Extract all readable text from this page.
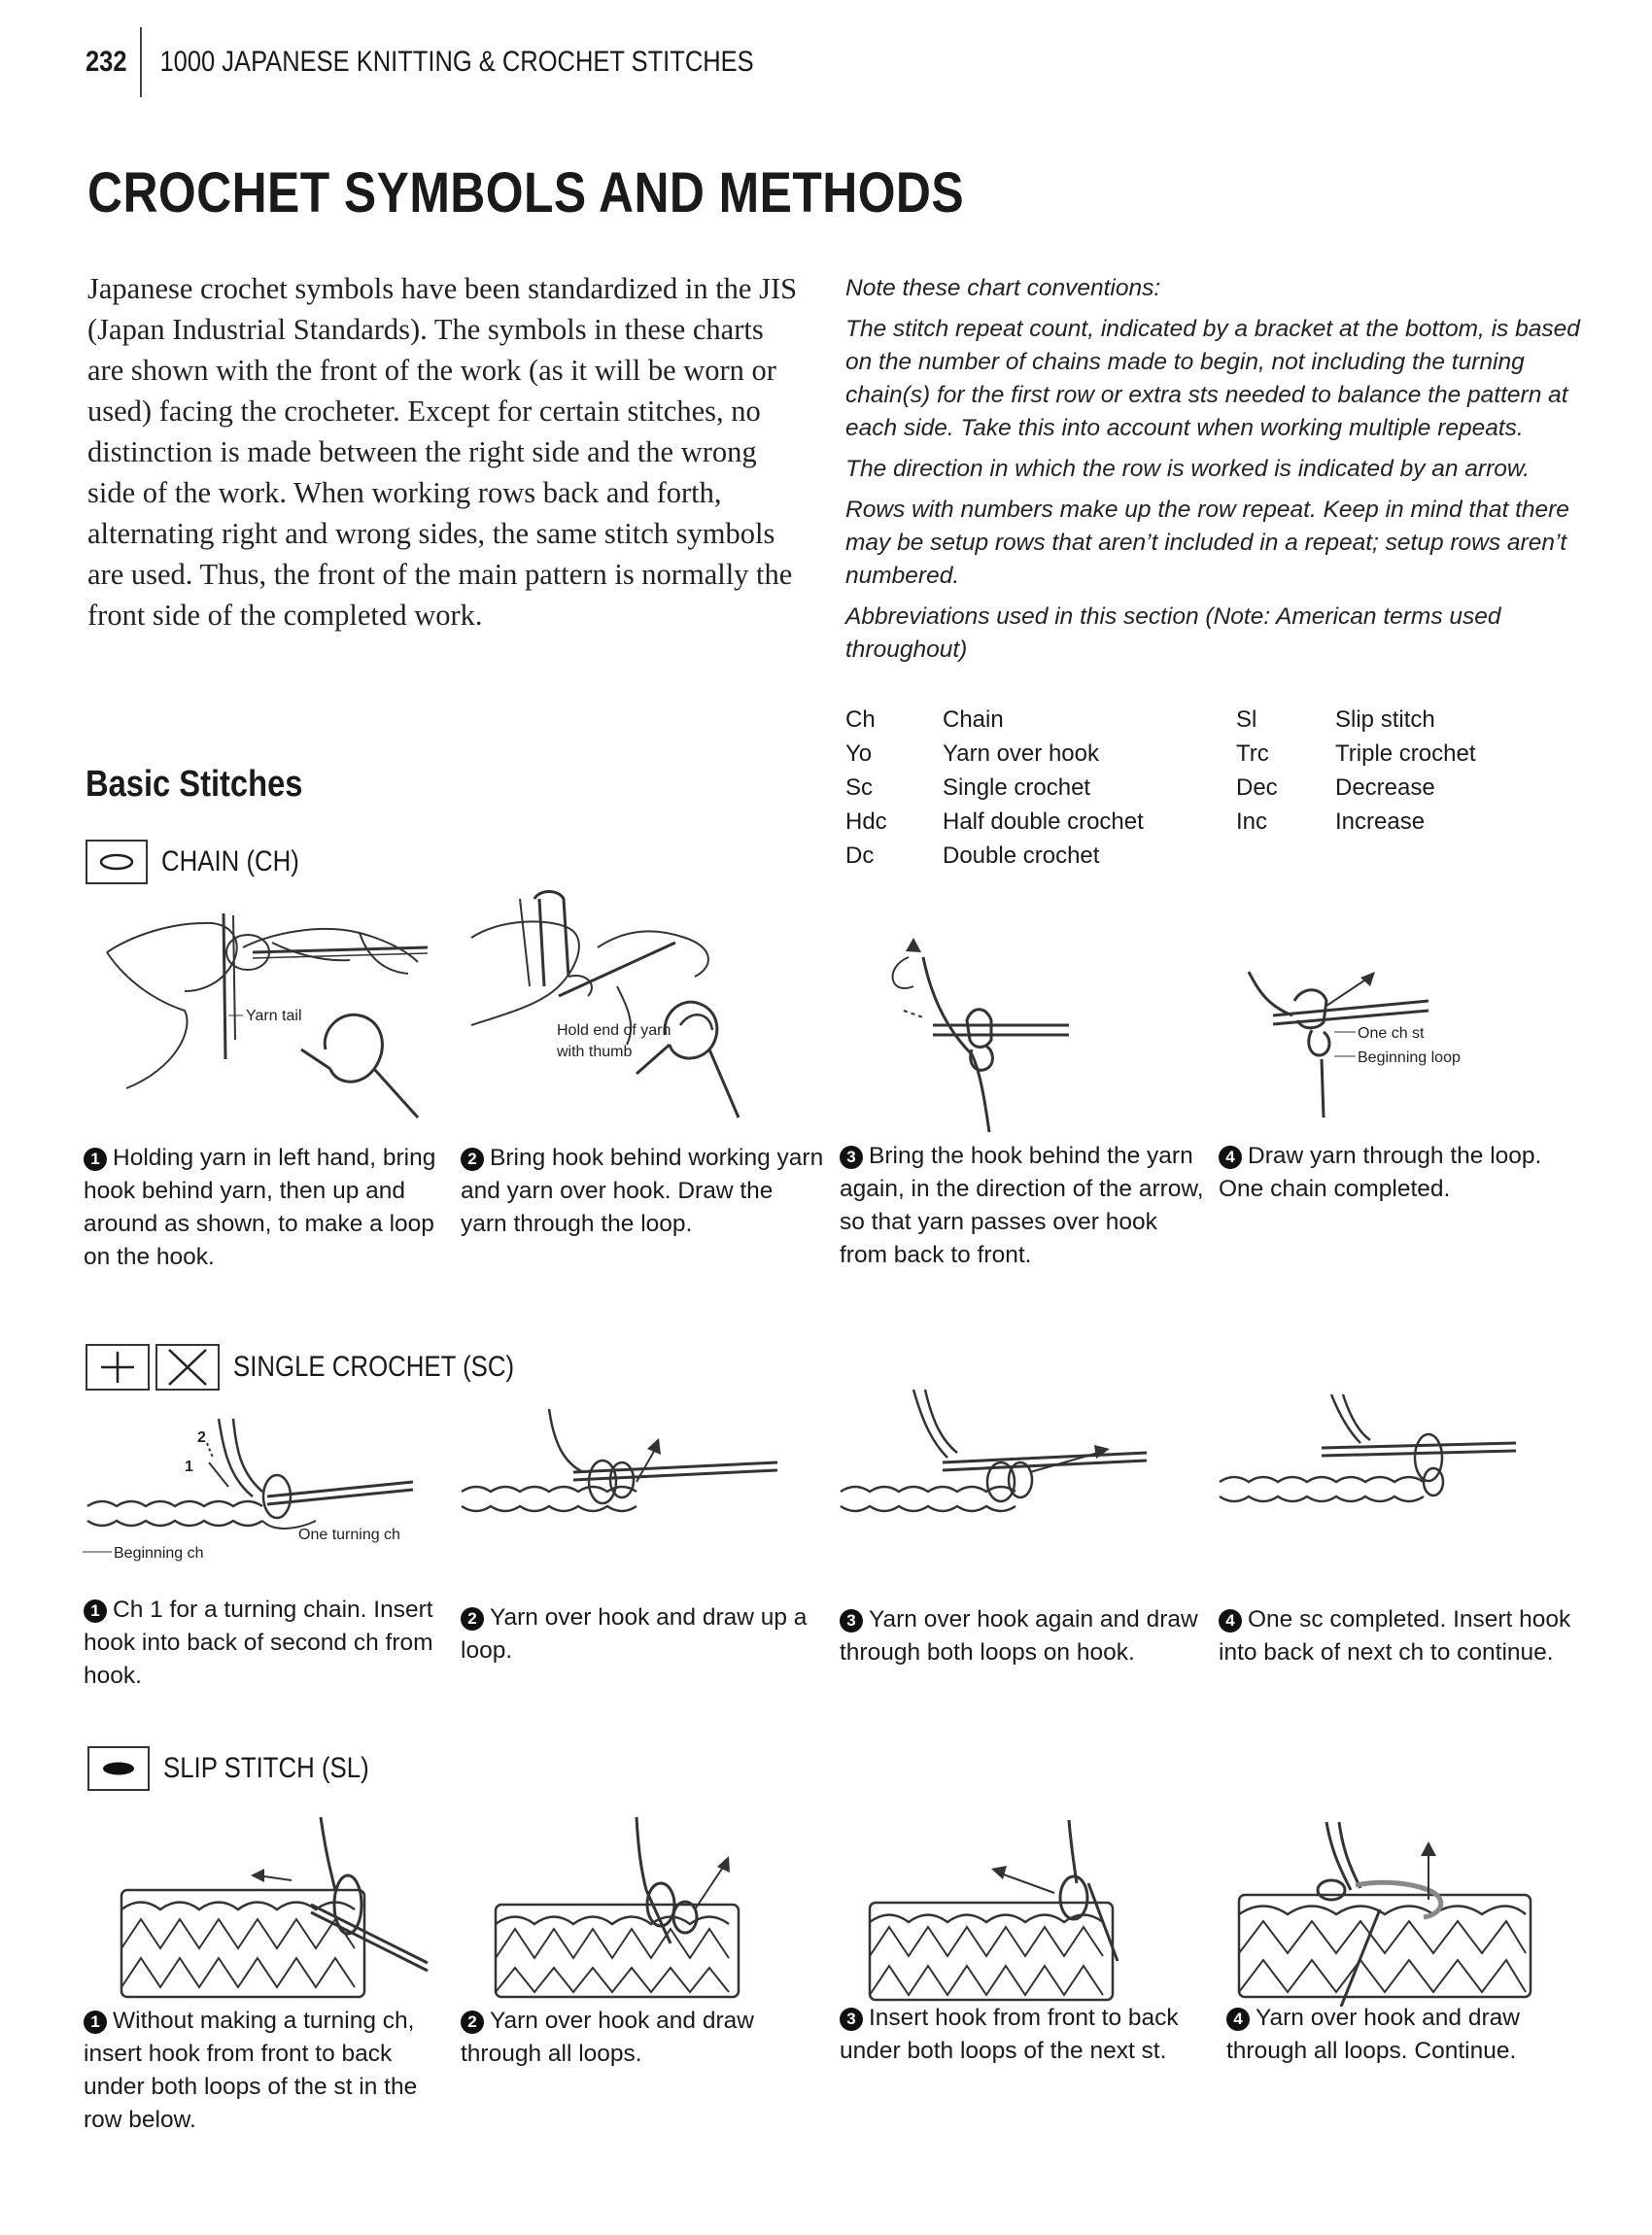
232	1000 JAPANESE KNITTING & CROCHET STITCHES
CROCHET SYMBOLS AND METHODS

Japanese crochet symbols have been standardized in the JIS (Japan Industrial Standards). The symbols in these charts are shown with the front of the work (as it will be worn or used) facing the crocheter. Except for certain stitches, no distinction is made between the right side and the wrong side of the work. When working rows back and forth, alternating right and wrong sides, the same stitch symbols are used. Thus, the front of the main pattern is normally the front side of the completed work.

Note these chart conventions:

The stitch repeat count, indicated by a bracket at the bottom, is based on the number of chains made to begin, not including the turning chain(s) for the first row or extra sts needed to balance the pattern at each side. Take this into account when working multiple repeats.

The direction in which the row is worked is indicated by an arrow.

Rows with numbers make up the row repeat. Keep in mind that there may be setup rows that aren’t included in a repeat; setup rows aren’t numbered.

Abbreviations used in this section (Note: American terms used throughout)

Ch	Chain	Sl	Slip stitch
Yo	Yarn over hook	Trc	Triple crochet
Sc	Single crochet	Dec Decrease
Hdc Half double crochet	Inc	Increase
Dc	Double crochet
Basic Stitches
CHAIN (CH)
Yarn tail
Hold end of yarn
with thumb
One ch st
Beginning loop
1 Holding yarn in left hand, bring hook behind yarn, then up and around as shown, to make a loop on the hook.
2 Bring hook behind working yarn and yarn over hook. Draw the yarn through the loop.
3 Bring the hook behind the yarn again, in the direction of the arrow, so that yarn passes over hook from back to front.
4 Draw yarn through the loop. One chain completed.
SINGLE CROCHET (SC)
2
1
One turning ch
Beginning ch
1 Ch 1 for a turning chain. Insert hook into back of second ch from hook.
2 Yarn over hook and draw up a loop.
3 Yarn over hook again and draw through both loops on hook.
4 One sc completed. Insert hook into back of next ch to continue.
SLIP STITCH (SL)
1 Without making a turning ch, insert hook from front to back under both loops of the st in the row below.
2 Yarn over hook and draw through all loops.
3 Insert hook from front to back under both loops of the next st.
4 Yarn over hook and draw through all loops. Continue.
